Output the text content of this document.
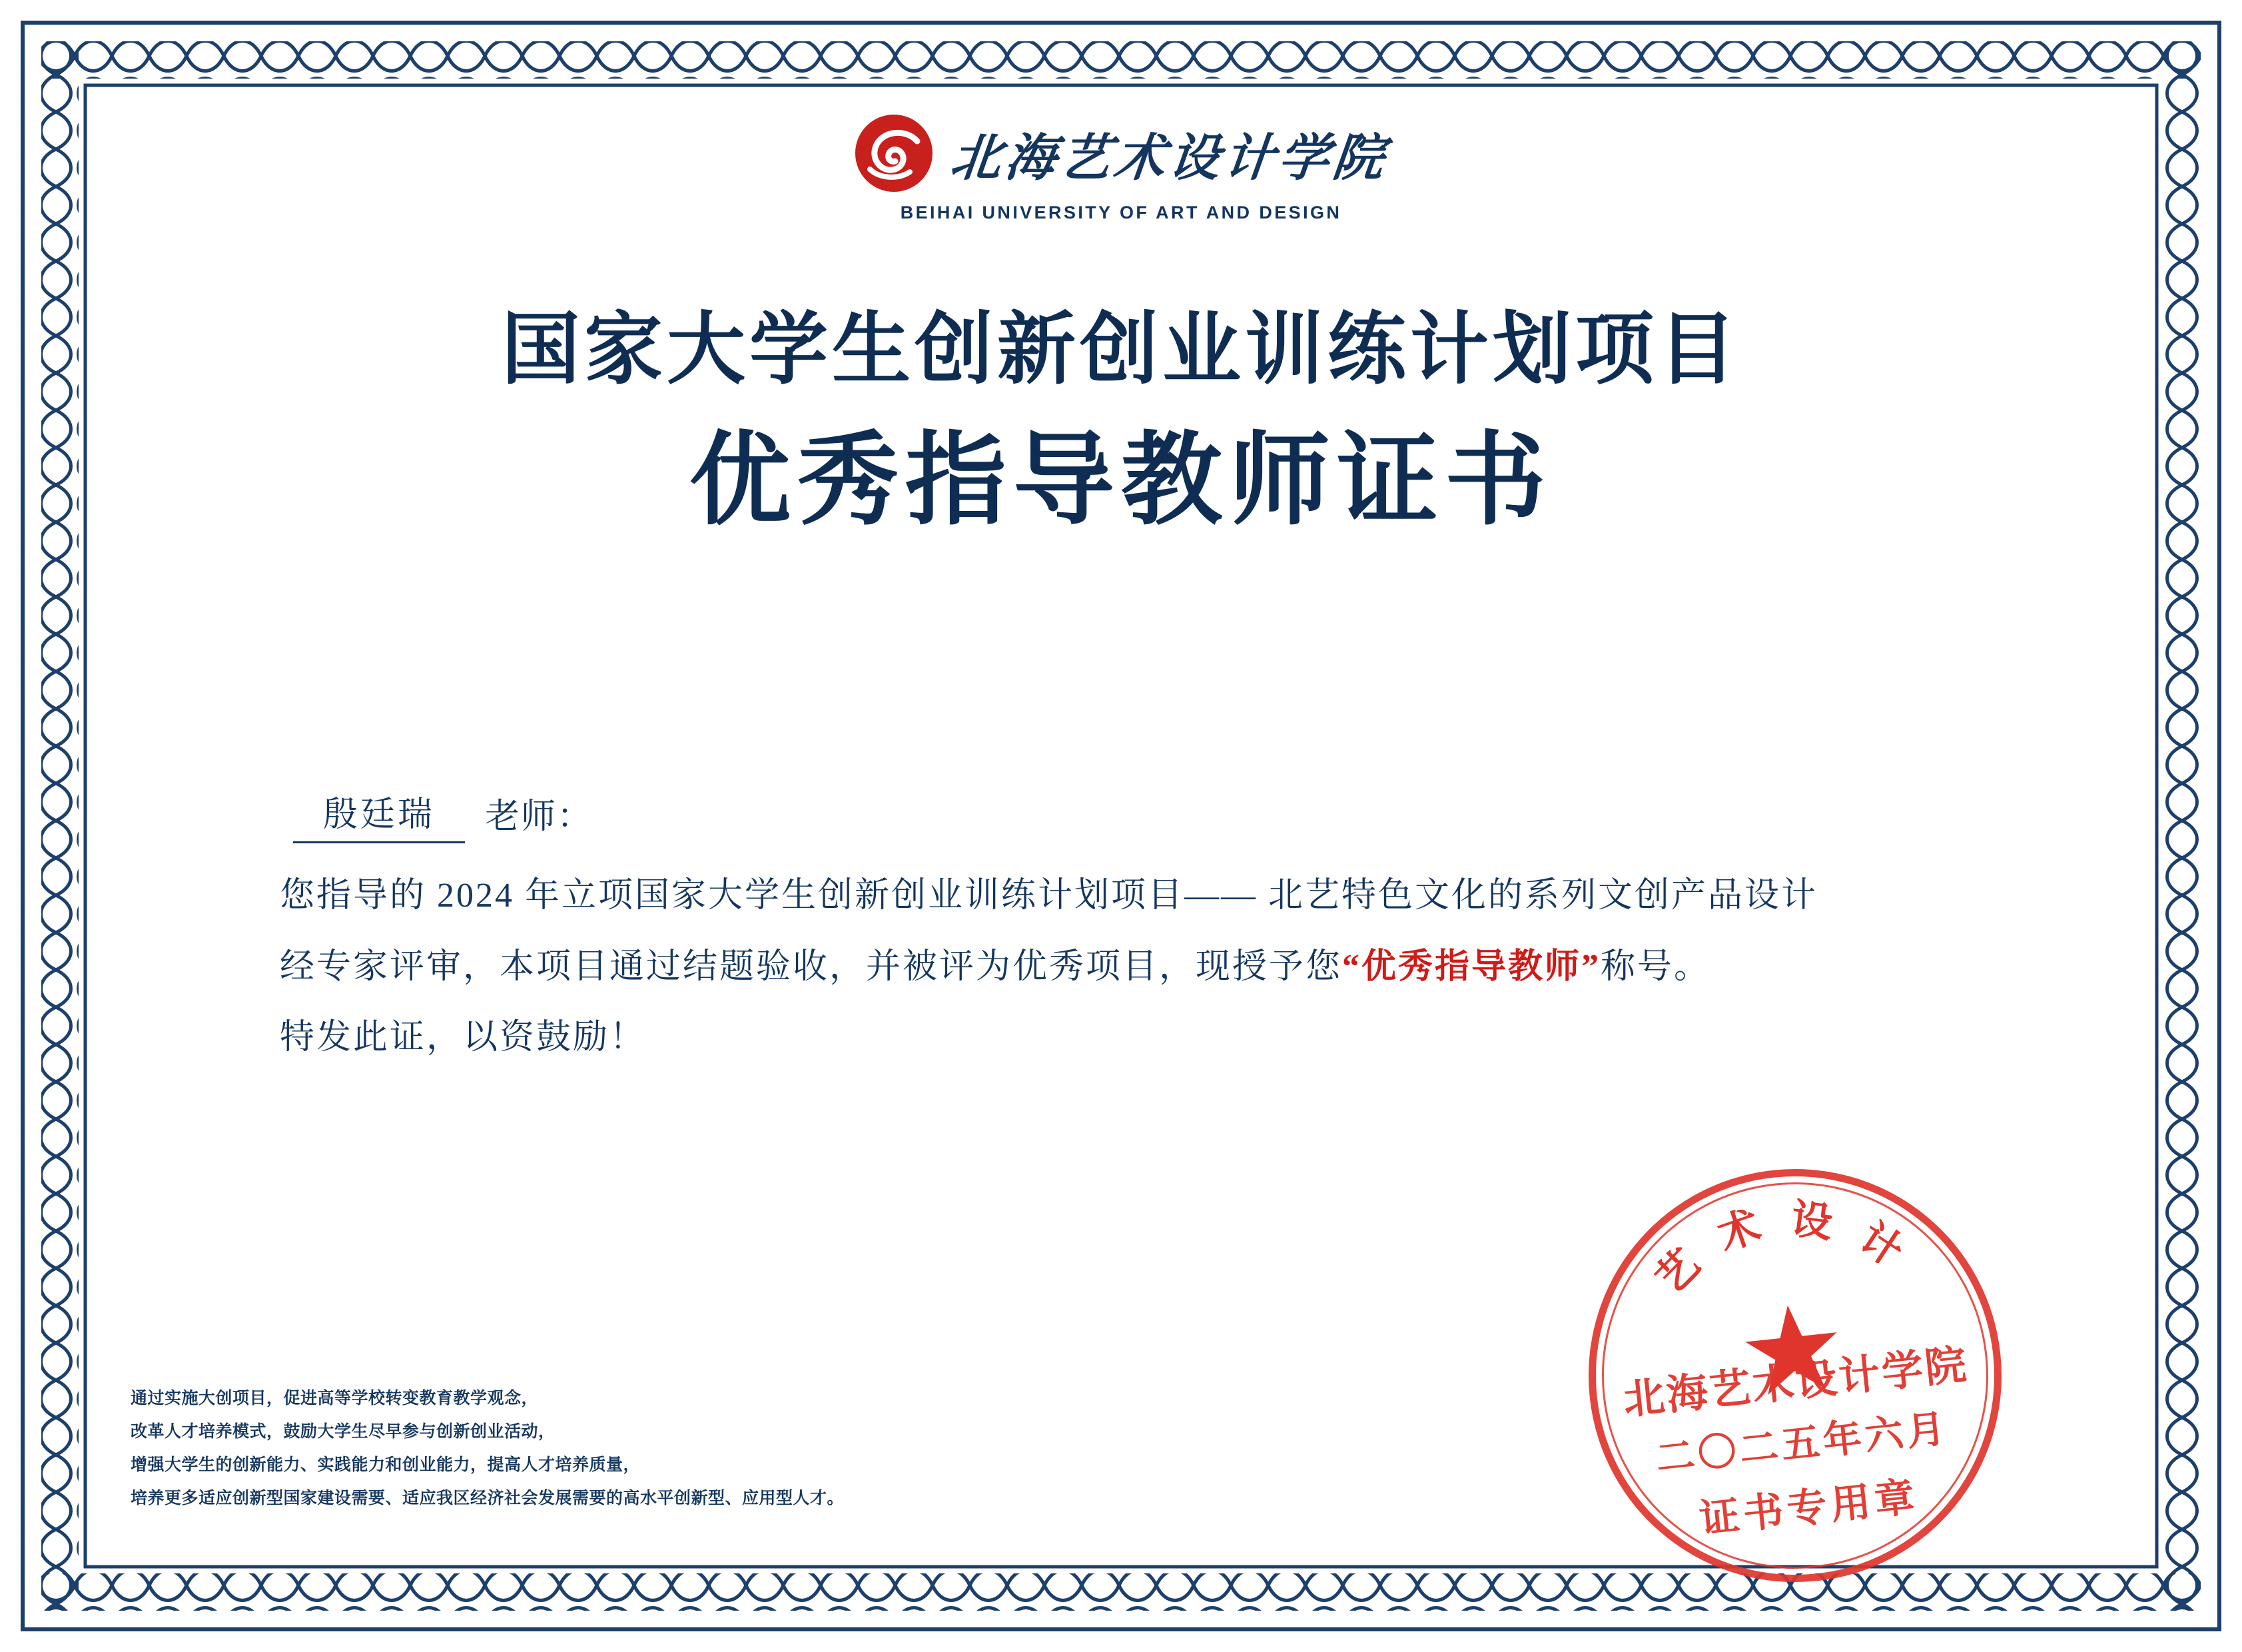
北海艺术设计学院
BEIHAI UNIVERSITY OF ART AND DESIGN
国家大学生创新创业训练计划项目
优秀指导教师证书
殷廷瑞	老师：
您指导的 2024 年立项国家大学生创新创业训练计划项目—— 北艺特色文化的系列文创产品设计
经专家评审，本项目通过结题验收，并被评为优秀项目，现授予您“优秀指导教师”称号。
特发此证，以资鼓励！
通过实施大创项目，促进高等学校转变教育教学观念，
改革人才培养模式，鼓励大学生尽早参与创新创业活动，
增强大学生的创新能力、实践能力和创业能力，提高人才培养质量，
培养更多适应创新型国家建设需要、适应我区经济社会发展需要的高水平创新型、应用型人才。
艺 术 设 计
北海艺术设计学院
二〇二五年六月
证书专用章
